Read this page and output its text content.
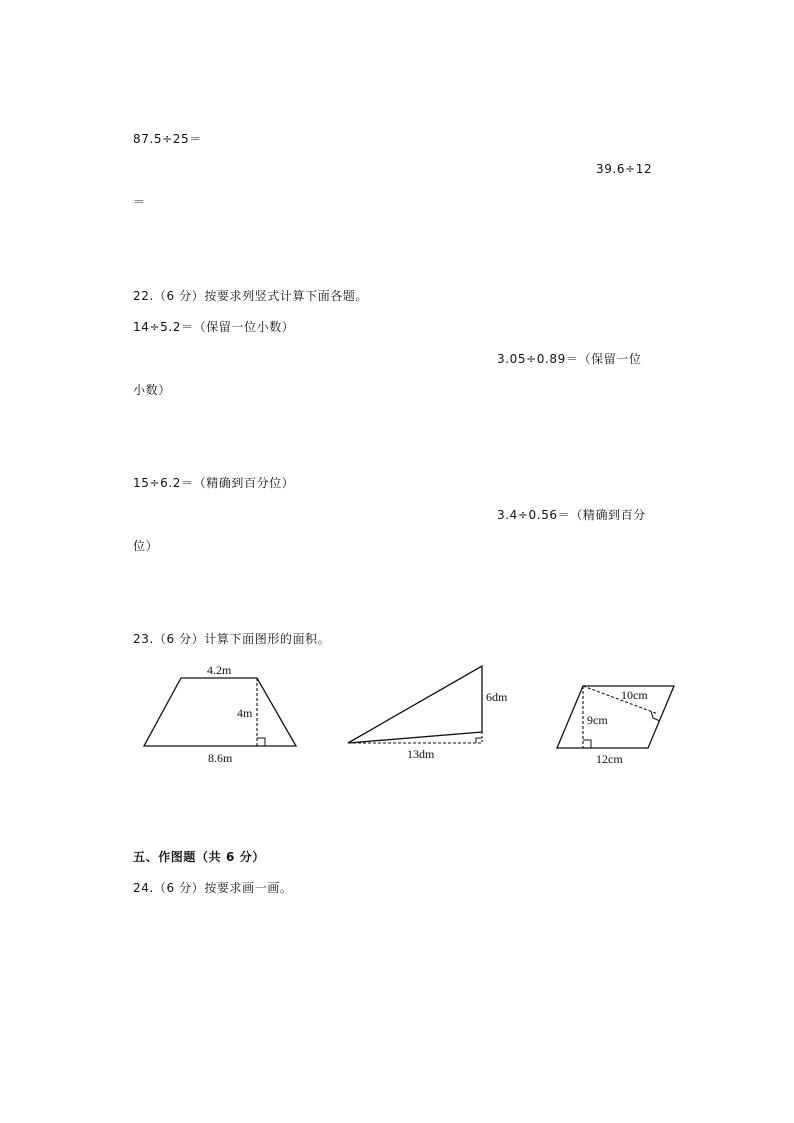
87.5÷25＝
39.6÷12
＝
22.（6 分）按要求列竖式计算下面各题。
14÷5.2＝（保留一位小数）
3.05÷0.89＝（保留一位
小数）
15÷6.2＝（精确到百分位）
3.4÷0.56＝（精确到百分
位）
23.（6 分）计算下面图形的面积。
4.2m
4m
8.6m
6dm
13dm
10cm
9cm
12cm
五、作图题（共 6 分）
24.（6 分）按要求画一画。
